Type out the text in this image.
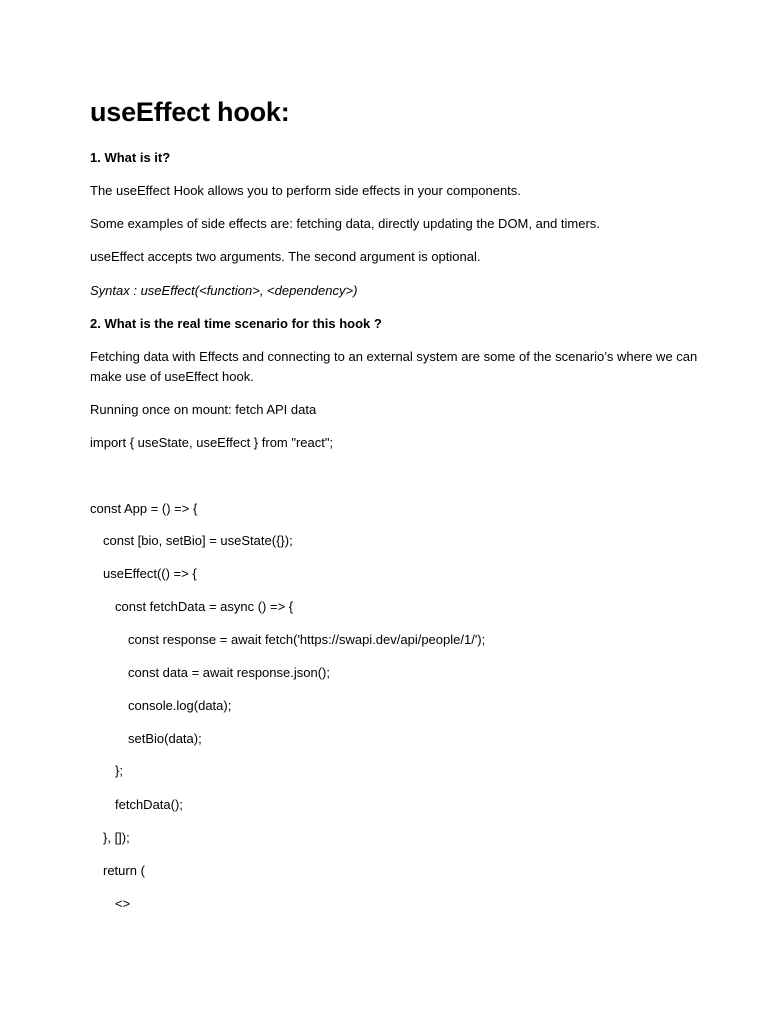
useEffect hook:

1. What is it?

The useEffect Hook allows you to perform side effects in your components.

Some examples of side effects are: fetching data, directly updating the DOM, and timers.

useEffect accepts two arguments. The second argument is optional.

Syntax : useEffect(<function>, <dependency>)

2. What is the real time scenario for this hook ?

Fetching data with Effects and connecting to an external system are some of the scenario’s where we can

make use of useEffect hook.

Running once on mount: fetch API data

import { useState, useEffect } from "react";

const App = () => {

const [bio, setBio] = useState({});

useEffect(() => {

const fetchData = async () => {

const response = await fetch('https://swapi.dev/api/people/1/');

const data = await response.json();

console.log(data);

setBio(data);

};

fetchData();

}, []);

return (

<>
